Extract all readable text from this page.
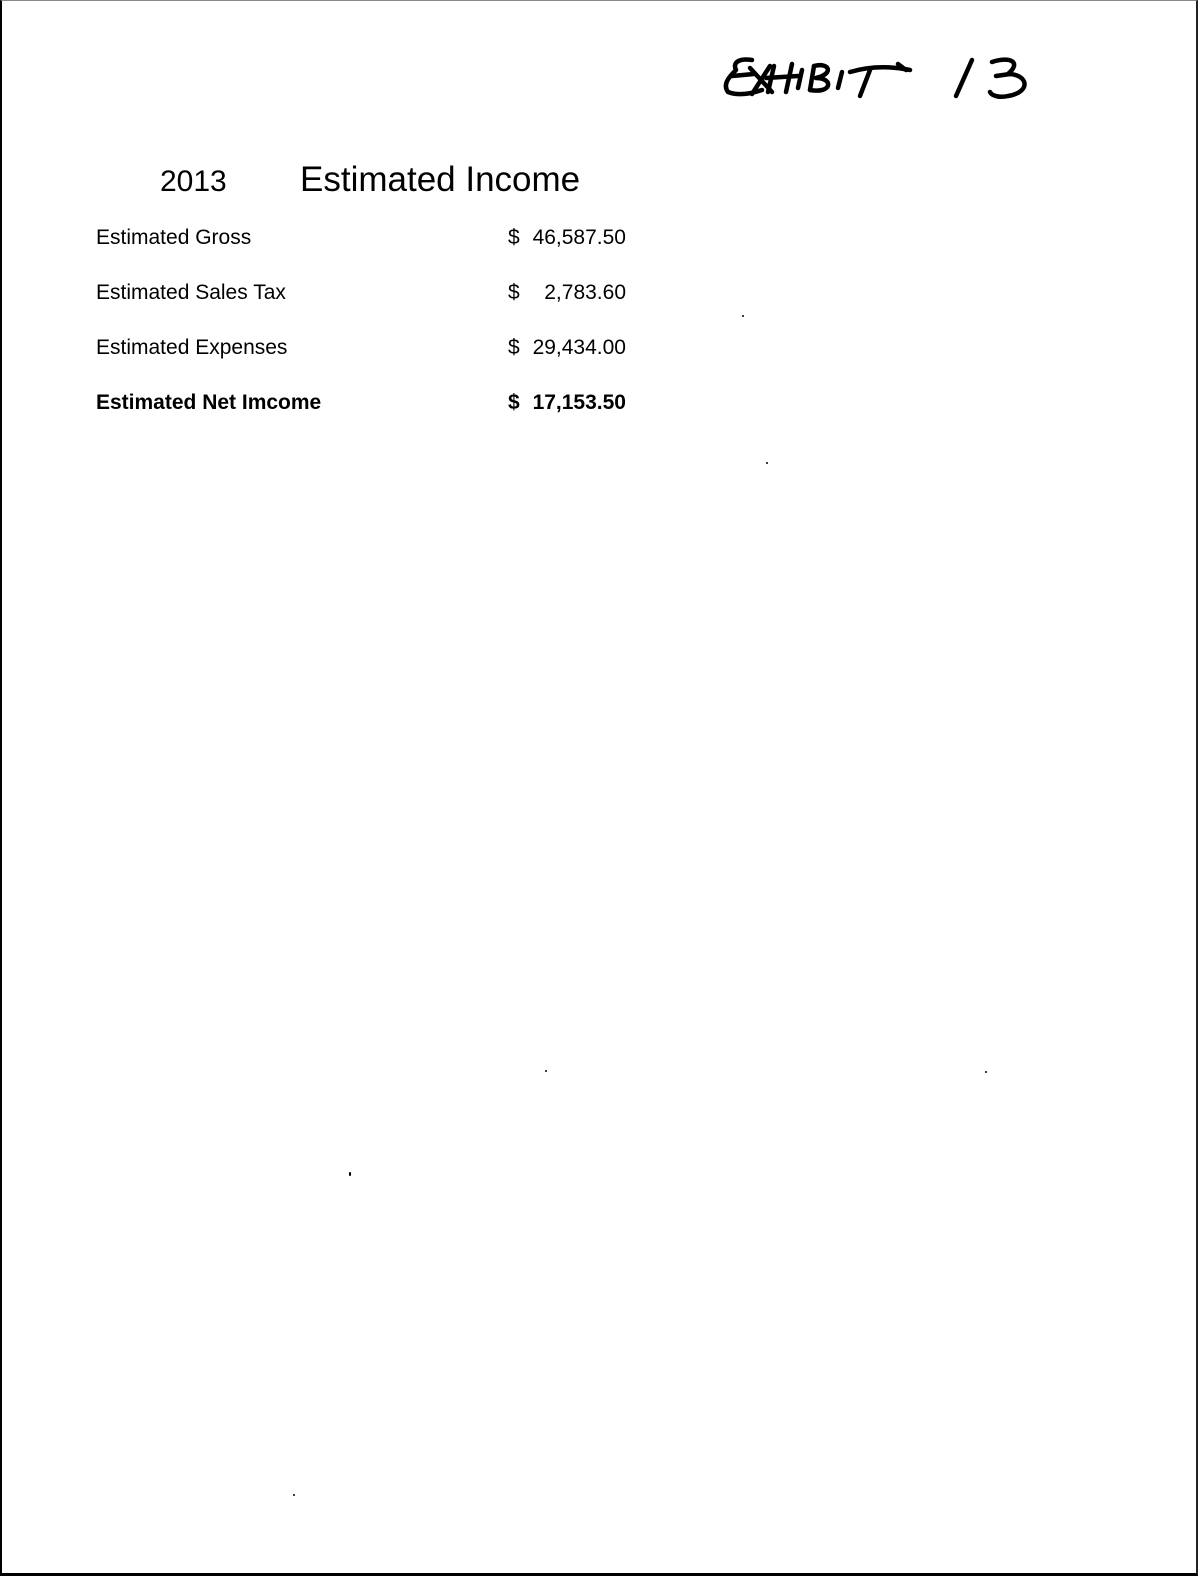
2013	Estimated Income
Estimated Gross	$ 46,587.50
Estimated Sales Tax	$ 2,783.60
Estimated Expenses	$ 29,434.00
Estimated Net Imcome	$ 17,153.50
